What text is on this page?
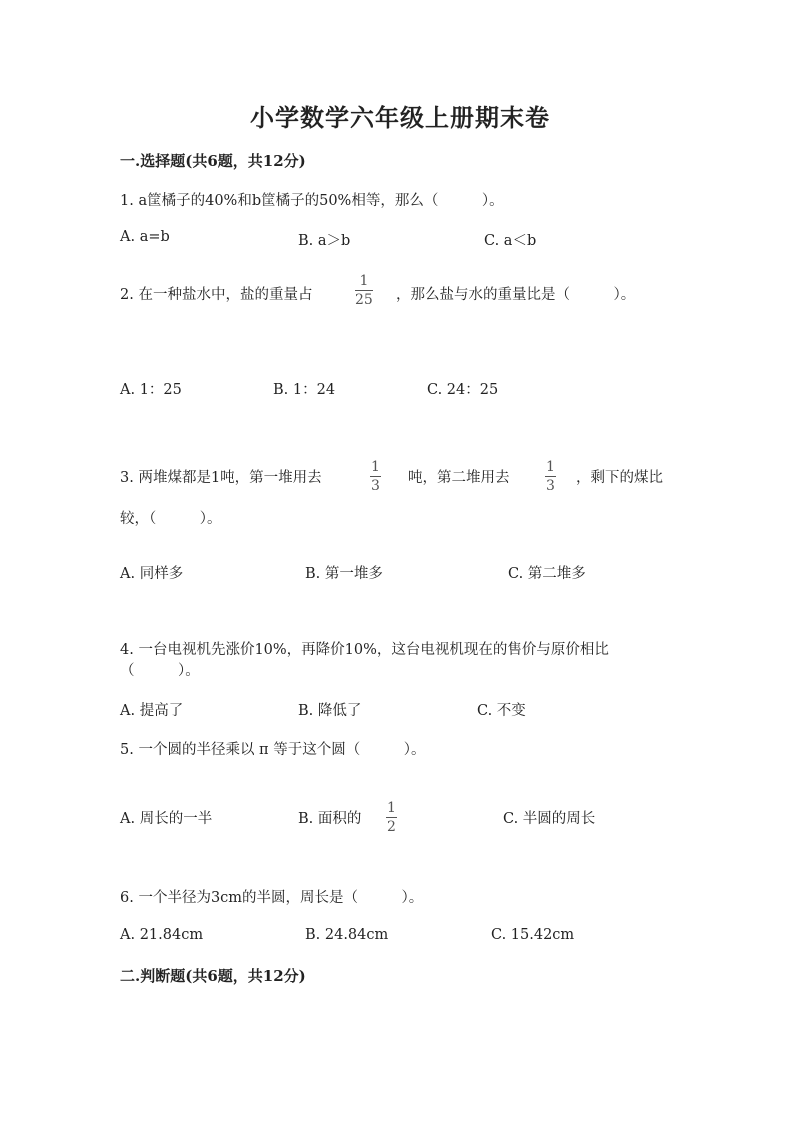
小学数学六年级上册期末卷
一.选择题(共6题，共12分)
1. a筐橘子的40%和b筐橘子的50%相等，那么（　　　）。
A. a=b	B. a＞b	C. a＜b
2. 在一种盐水中，盐的重量占
1
25 ，那么盐与水的重量比是（　　　）。
A. 1：25	B. 1：24	C. 24：25
3. 两堆煤都是1吨，第一堆用去
1
3 吨，第二堆用去
1
3 ，剩下的煤比
较，（　　　）。
A. 同样多	B. 第一堆多	C. 第二堆多
4. 一台电视机先涨价10%，再降价10%，这台电视机现在的售价与原价相比
（　　　）。
A. 提高了	B. 降低了	C. 不变
5. 一个圆的半径乘以 π 等于这个圆（　　　）。
A. 周长的一半	B. 面积的
1
2	C. 半圆的周长
6. 一个半径为3cm的半圆，周长是（　　　）。
A. 21.84cm	B. 24.84cm	C. 15.42cm
二.判断题(共6题，共12分)
